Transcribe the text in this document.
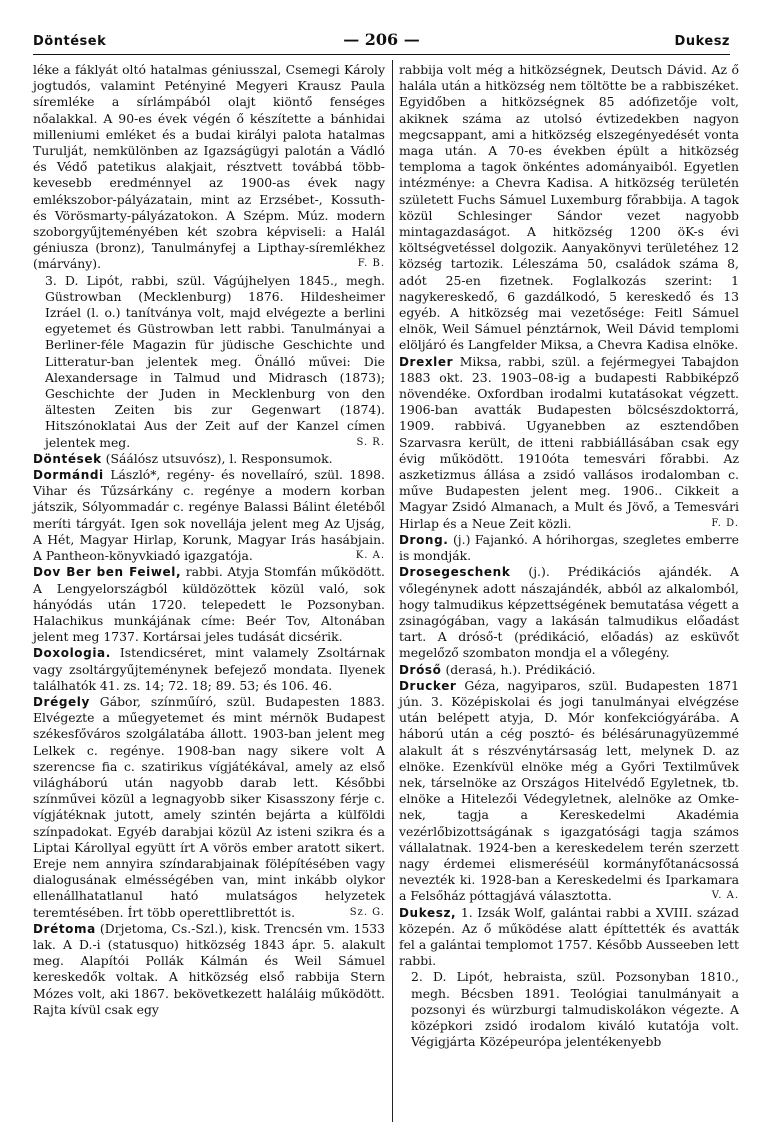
Döntések	— 206 —	Dukesz

léke a fáklyát oltó hatalmas géniusszal, Csemegi Károly jogtudós, valamint Petényiné Megyeri Krausz Paula síremléke a sírlámpából olajt kiöntő fenséges nőalakkal. A 90-es évek végén ő készítette a bánhidai milleniumi emléket és a budai királyi palota hatalmas Turulját, nemkülönben az Igazságügyi palotán a Vádló és Védő patetikus alakjait, résztvett továbbá több-kevesebb eredménnyel az 1900-as évek nagy emlékszobor-pályázatain, mint az Erzsébet-, Kossuth- és Vörösmarty-pályázatokon. A Szépm. Múz. modern szoborgyűjteményében két szobra képviseli: a Halál géniusza (bronz), Tanulmányfej a Lipthay-síremlékhez (márvány).	F. B.

3. D. Lipót, rabbi, szül. Vágújhelyen 1845., megh. Güstrowban (Mecklenburg) 1876. Hildesheimer Izráel (l. o.) tanítványa volt, majd elvégezte a berlini egyetemet és Güstrowban lett rabbi. Tanulmányai a Berliner-féle Magazin für jüdische Geschichte und Litteratur-ban jelentek meg. Önálló művei: Die Alexandersage in Talmud und Midrasch (1873); Geschichte der Juden in Mecklenburg von den ältesten Zeiten bis zur Gegenwart (1874). Hitszónoklatai Aus der Zeit auf der Kanzel címen jelentek meg.	S. R.

Döntések (Sáálósz utsuvósz), l. Responsumok.

Dormándi László*, regény- és novellaíró, szül. 1898. Vihar és Tűzsárkány c. regénye a modern korban játszik, Sólyommadár c. regénye Balassi Bálint életéből meríti tárgyát. Igen sok novellája jelent meg Az Ujság, A Hét, Magyar Hirlap, Korunk, Magyar Irás hasábjain. A Pantheon-könyvkiadó igazgatója.	K. A.

Dov Ber ben Feiwel, rabbi. Atyja Stomfán működött. A Lengyelországból küldözöttek közül való, sok hányódás után 1720. telepedett le Pozsonyban. Halachikus munkájának címe: Beér Tov, Altonában jelent meg 1737. Kortársai jeles tudását dicsérik.

Doxologia. Istendicséret, mint valamely Zsoltárnak vagy zsoltárgyűjteménynek befejező mondata. Ilyenek találhatók 41. zs. 14; 72. 18; 89. 53; és 106. 46.

Drégely Gábor, színműíró, szül. Budapesten 1883. Elvégezte a műegyetemet és mint mérnök Budapest székesfőváros szolgálatába állott. 1903-ban jelent meg Lelkek c. regénye. 1908-ban nagy sikere volt A szerencse fia c. szatirikus vígjátékával, amely az első világháború után nagyobb darab lett. Későbbi színművei közül a legnagyobb siker Kisasszony férje c. vígjátéknak jutott, amely szintén bejárta a külföldi színpadokat. Egyéb darabjai közül Az isteni szikra és a Liptai Károllyal együtt írt A vörös ember aratott sikert. Ereje nem annyira színdarabjainak fölépítésében vagy dialogusának elmésségében van, mint inkább olykor ellenállhatatlanul ható mulatságos helyzetek teremtésében. Írt több operettlibrettót is.	Sz. G.

Drétoma (Drjetoma, Cs.-Szl.), kisk. Trencsén vm. 1533 lak. A D.-i (statusquo) hitközség 1843 ápr. 5. alakult meg. Alapítói Pollák Kálmán és Weil Sámuel kereskedők voltak. A hitközség első rabbija Stern Mózes volt, aki 1867. bekövetkezett haláláig működött. Rajta kívül csak egy

rabbija volt még a hitközségnek, Deutsch Dávid. Az ő halála után a hitközség nem töltötte be a rabbiszéket. Egyidőben a hitközségnek 85 adófizetője volt, akiknek száma az utolsó évtizedekben nagyon megcsappant, ami a hitközség elszegényedését vonta maga után. A 70-es években épült a hitközség temploma a tagok önkéntes adományaiból. Egyetlen intézménye: a Chevra Kadisa. A hitközség területén született Fuchs Sámuel Luxemburg főrabbija. A tagok közül Schlesinger Sándor vezet nagyobb mintagazdaságot. A hitközség 1200 öK-s évi költségvetéssel dolgozik. Aanyakönyvi területéhez 12 község tartozik. Léleszáma 50, családok száma 8, adót 25-en fizetnek. Foglalkozás szerint: 1 nagykereskedő, 6 gazdálkodó, 5 kereskedő és 13 egyéb. A hitközség mai vezetősége: Feitl Sámuel elnök, Weil Sámuel pénztárnok, Weil Dávid templomi elöljáró és Langfelder Miksa, a Chevra Kadisa elnöke.

Drexler Miksa, rabbi, szül. a fejérmegyei Tabajdon 1883 okt. 23. 1903–08-ig a budapesti Rabbiképző növendéke. Oxfordban irodalmi kutatásokat végzett. 1906-ban avatták Budapesten bölcsészdoktorrá, 1909. rabbivá. Ugyanebben az esztendőben Szarvasra került, de itteni rabbiállásában csak egy évig működött. 1910óta temesvári főrabbi. Az aszketizmus állása a zsidó vallásos irodalomban c. műve Budapesten jelent meg. 1906.. Cikkeit a Magyar Zsidó Almanach, a Mult és Jövő, a Temesvári Hirlap és a Neue Zeit közli.	F. D.

Drong. (j.) Fajankó. A hórihorgas, szegletes emberre is mondják.

Drosegeschenk (j.). Prédikációs ajándék. A vőlegénynek adott nászajándék, abból az alkalomból, hogy talmudikus képzettségének bemutatása végett a zsinagógában, vagy a lakásán talmudikus előadást tart. A dróső-t (prédikáció, előadás) az esküvőt megelőző szombaton mondja el a vőlegény.

Dróső (derasá, h.). Prédikáció.

Drucker Géza, nagyiparos, szül. Budapesten 1871 jún. 3. Középiskolai és jogi tanulmányai elvégzése után belépett atyja, D. Mór konfekciógyárába. A háború után a cég posztó- és bélésárunagyüzemmé alakult át s részvénytársaság lett, melynek D. az elnöke. Ezenkívül elnöke még a Győri Textilművek nek, társelnöke az Országos Hitelvédő Egyletnek, tb. elnöke a Hitelezői Védegyletnek, alelnöke az Omke-nek, tagja a Kereskedelmi Akadémia vezérlőbizottságának s igazgatósági tagja számos vállalatnak. 1924-ben a kereskedelem terén szerzett nagy érdemei elismeréséül kormányfőtanácsossá nevezték ki. 1928-ban a Kereskedelmi és Iparkamara a Felsőház póttagjává választotta.	V. A.

Dukesz, 1. Izsák Wolf, galántai rabbi a XVIII. század közepén. Az ő működése alatt építtették és avatták fel a galántai templomot 1757. Később Ausseeben lett rabbi.

2. D. Lipót, hebraista, szül. Pozsonyban 1810., megh. Bécsben 1891. Teológiai tanulmányait a pozsonyi és würzburgi talmudiskolákon végezte. A középkori zsidó irodalom kiváló kutatója volt. Végigjárta Középeurópa jelentékenyebb
